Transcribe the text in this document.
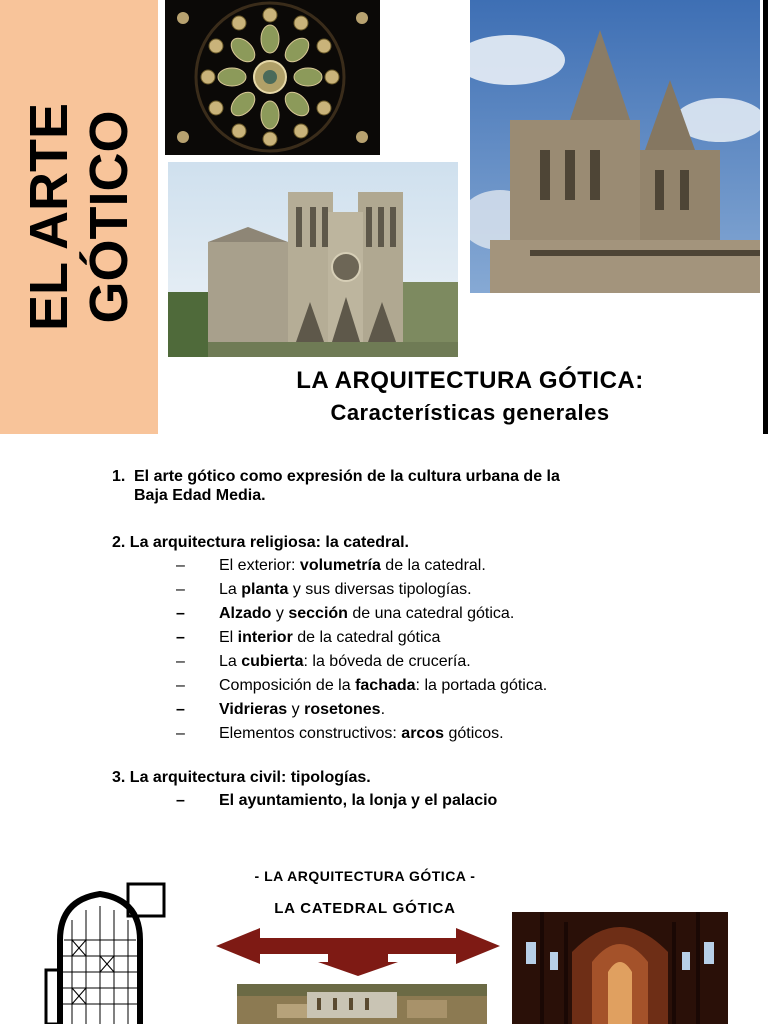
EL ARTE GÓTICO
LA ARQUITECTURA GÓTICA:
Características generales
1. El arte gótico como expresión de la cultura urbana de la
Baja Edad Media.
2. La arquitectura religiosa: la catedral.
– El exterior: volumetría de la catedral.
– La planta y sus diversas tipologías.
– Alzado y sección de una catedral gótica.
– El interior de la catedral gótica
– La cubierta: la bóveda de crucería.
– Composición de la fachada: la portada gótica.
– Vidrieras y rosetones.
– Elementos constructivos: arcos góticos.
3. La arquitectura civil: tipologías.
– El ayuntamiento, la lonja y el palacio
- LA ARQUITECTURA GÓTICA -
LA CATEDRAL GÓTICA
